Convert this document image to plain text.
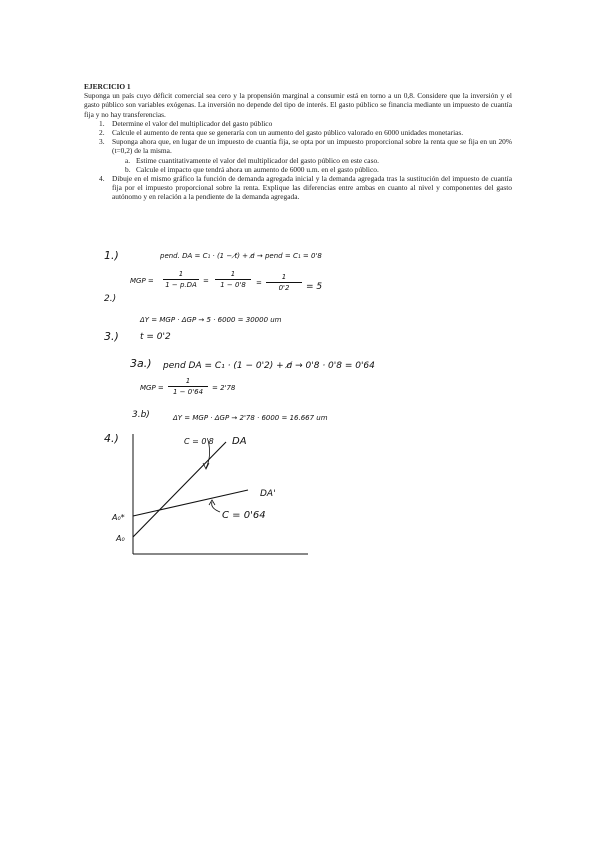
EJERCICIO 1

Suponga un país cuyo déficit comercial sea cero y la propensión marginal a consumir está en torno a un 0,8. Considere que la inversión y el gasto público son variables exógenas. La inversión no depende del tipo de interés. El gasto público se financia mediante un impuesto de cuantía fija y no hay transferencias.

1. Determine el valor del multiplicador del gasto público

2. Calcule el aumento de renta que se generaría con un aumento del gasto público valorado en 6000 unidades monetarias.

3. Suponga ahora que, en lugar de un impuesto de cuantía fija, se opta por un impuesto proporcional sobre la renta que se fija en un 20% (t=0,2) de la misma.

a. Estime cuantitativamente el valor del multiplicador del gasto público en este caso.

b. Calcule el impacto que tendrá ahora un aumento de 6000 u.m. en el gasto público.

4. Dibuje en el mismo gráfico la función de demanda agregada inicial y la demanda agregada tras la sustitución del impuesto de cuantía fija por el impuesto proporcional sobre la renta. Explique las diferencias entre ambas en cuanto al nivel y componentes del gasto autónomo y en relación a la pendiente de la demanda agregada.

1.)	pend. DA = C₁ · (1 − t̸) + ɑ̸ → pend = C₁ = 0'8
MGP = $\frac{1}{1 - p.DA} = \frac{1}{1 - 0'8} = \frac{1}{0'2} = 5$
2.)
ΔY = MGP · ΔGP → 5 · 6000 = 30000 um
3.) t = 0'2
3a.) pend DA = C₁ · (1 − 0'2) + ɑ̸ → 0'8 · 0'8 = 0'64
MGP = $\frac{1}{1 - 0'64} = 2'78$
3.b)	ΔY = MGP · ΔGP → 2'78 · 6000 = 16.667 um
4.)	C = 0'8 DA
DA'
C = 0'64
A₀*
A₀
